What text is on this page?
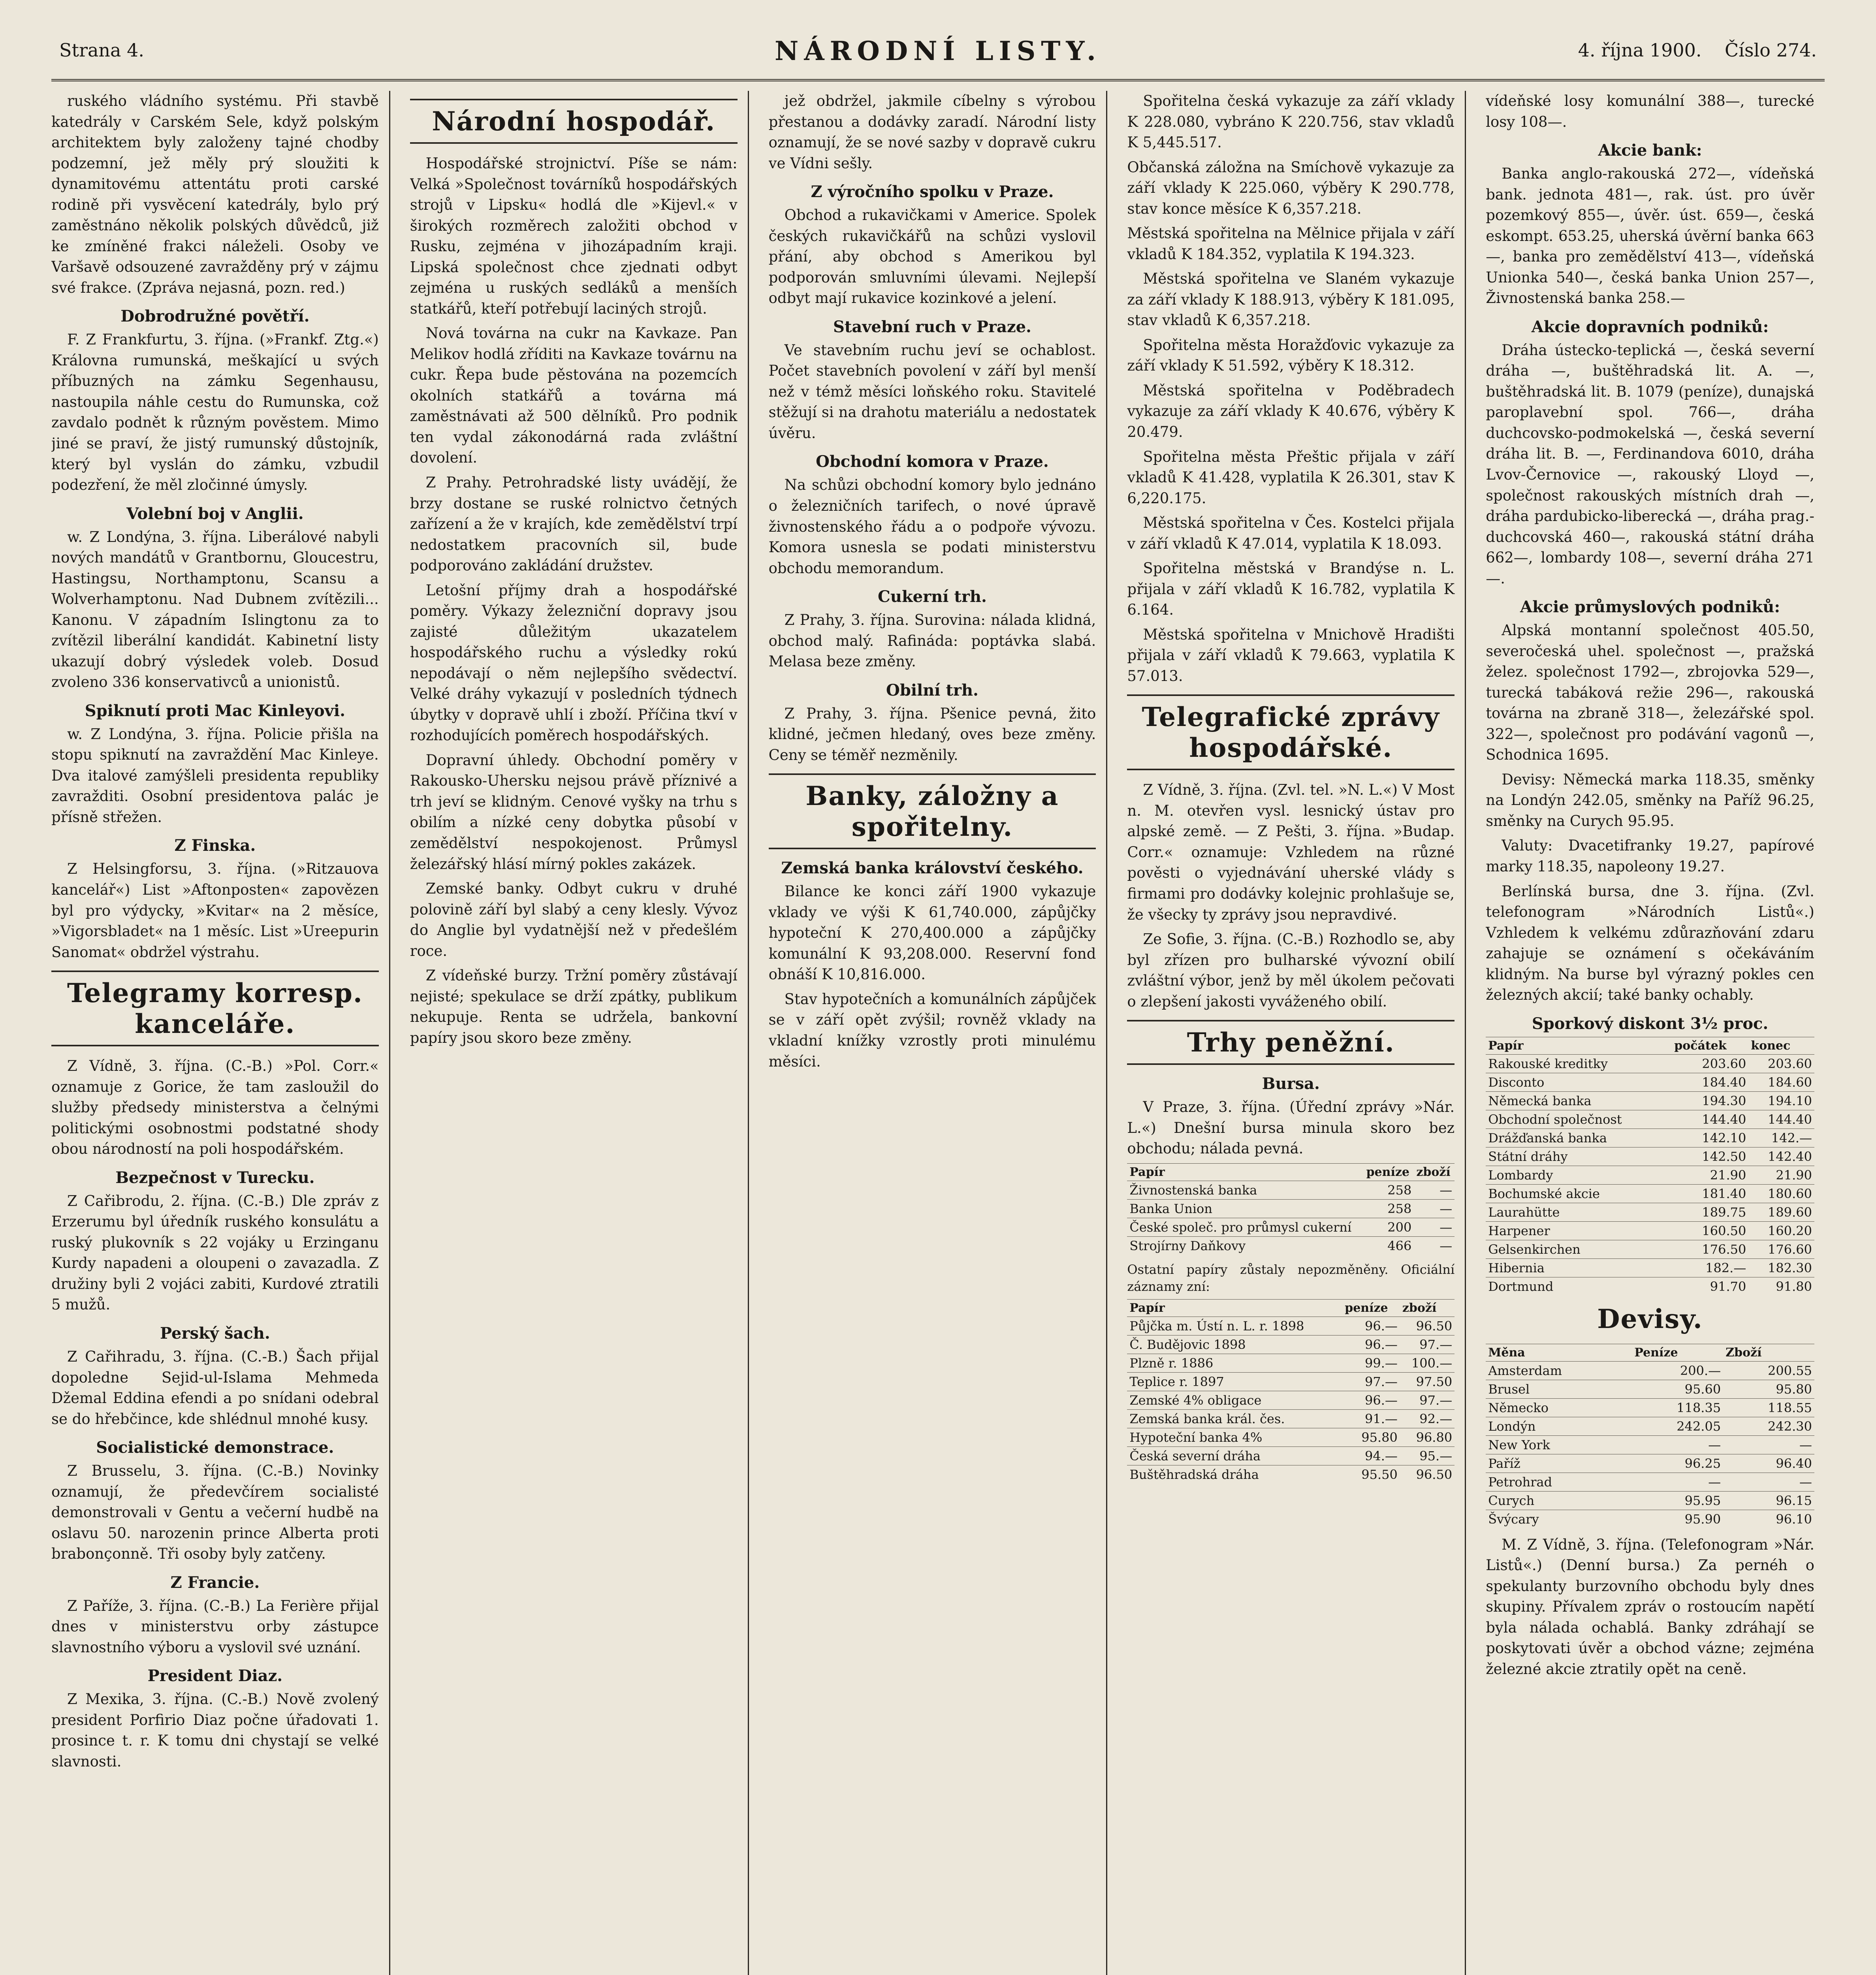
Strana 4.	NÁRODNÍ LISTY.	4. října 1900. Číslo 274.

ruského vládního systému. Při stavbě katedrály v Carském Sele, když polským architektem byly založeny tajné chodby podzemní, jež měly prý sloužiti k dynamitovému attentátu proti carské rodině při vysvěcení katedrály, bylo prý zaměstnáno několik polských důvědců, již ke zmíněné frakci náleželi. Osoby ve Varšavě odsouzené zavražděny prý v zájmu své frakce. (Zpráva nejasná, pozn. red.)

Dobrodružné povětří.

F. Z Frankfurtu, 3. října. (»Frankf. Ztg.«) Královna rumunská, meškající u svých příbuzných na zámku Segenhausu, nastoupila náhle cestu do Rumunska, což zavdalo podnět k různým pověstem. Mimo jiné se praví, že jistý rumunský důstojník, který byl vyslán do zámku, vzbudil podezření, že měl zločinné úmysly.

Volební boj v Anglii.

w. Z Londýna, 3. října. Liberálové nabyli nových mandátů v Grantbornu, Gloucestru, Hastingsu, Northamptonu, Scansu a Wolverhamptonu. Nad Dubnem zvítězili... Kanonu. V západním Islingtonu za to zvítězil liberální kandidát. Kabinetní listy ukazují dobrý výsledek voleb. Dosud zvoleno 336 konservativců a unionistů.

Spiknutí proti Mac Kinleyovi.

w. Z Londýna, 3. října. Policie přišla na stopu spiknutí na zavraždění Mac Kinleye. Dva italové zamýšleli presidenta republiky zavražditi. Osobní presidentova palác je přísně střežen.

Z Finska.

Z Helsingforsu, 3. října. (»Ritzauova kancelář«) List »Aftonposten« zapovězen byl pro výdycky, »Kvitar« na 2 měsíce, »Vigorsbladet« na 1 měsíc. List »Ureepurin Sanomat« obdržel výstrahu.

Telegramy korresp. kanceláře.

Z Vídně, 3. října. (C.-B.) »Pol. Corr.« oznamuje z Gorice, že tam zasloužil do služby předsedy ministerstva a čelnými politickými osobnostmi podstatné shody obou národností na poli hospodářském.

Bezpečnost v Turecku.

Z Cařibrodu, 2. října. (C.-B.) Dle zpráv z Erzerumu byl úředník ruského konsulátu a ruský plukovník s 22 vojáky u Erzinganu Kurdy napadeni a oloupeni o zavazadla. Z družiny byli 2 vojáci zabiti, Kurdové ztratili 5 mužů.

Perský šach.

Z Cařihradu, 3. října. (C.-B.) Šach přijal dopoledne Sejid-ul-Islama Mehmeda Džemal Eddina efendi a po snídani odebral se do hřebčince, kde shlédnul mnohé kusy.

Socialistické demonstrace.

Z Brusselu, 3. října. (C.-B.) Novinky oznamují, že předevčírem socialisté demonstrovali v Gentu a večerní hudbě na oslavu 50. narozenin prince Alberta proti brabonçonně. Tři osoby byly zatčeny.

Z Francie.

Z Paříže, 3. října. (C.-B.) La Ferière přijal dnes v ministerstvu orby zástupce slavnostního výboru a vyslovil své uznání.

President Diaz.

Z Mexika, 3. října. (C.-B.) Nově zvolený president Porfirio Diaz počne úřadovati 1. prosince t. r. K tomu dni chystají se velké slavnosti.

Národní hospodář.

Hospodářské strojnictví. Píše se nám: Velká »Společnost továrníků hospodářských strojů v Lipsku« hodlá dle »Kijevl.« v širokých rozměrech založiti obchod v Rusku, zejména v jihozápadním kraji. Lipská společnost chce zjednati odbyt zejména u ruských sedláků a menších statkářů, kteří potřebují laciných strojů.

Nová továrna na cukr na Kavkaze. Pan Melikov hodlá zříditi na Kavkaze továrnu na cukr. Řepa bude pěstována na pozemcích okolních statkářů a továrna má zaměstnávati až 500 dělníků. Pro podnik ten vydal zákonodárná rada zvláštní dovolení.

Z Prahy. Petrohradské listy uvádějí, že brzy dostane se ruské rolnictvo četných zařízení a že v krajích, kde zemědělství trpí nedostatkem pracovních sil, bude podporováno zakládání družstev.

Letošní příjmy drah a hospodářské poměry. Výkazy železniční dopravy jsou zajisté důležitým ukazatelem hospodářského ruchu a výsledky rokú nepodávají o něm nejlepšího svědectví. Velké dráhy vykazují v posledních týdnech úbytky v dopravě uhlí i zboží. Příčina tkví v rozhodujících poměrech hospodářských.

Dopravní úhledy. Obchodní poměry v Rakousko-Uhersku nejsou právě příznivé a trh jeví se klidným. Cenové vyšky na trhu s obilím a nízké ceny dobytka působí v zemědělství nespokojenost. Průmysl železářský hlásí mírný pokles zakázek.

Zemské banky. Odbyt cukru v druhé polovině září byl slabý a ceny klesly. Vývoz do Anglie byl vydatnější než v předešlém roce.

Z vídeňské burzy. Tržní poměry zůstávají nejisté; spekulace se drží zpátky, publikum nekupuje. Renta se udržela, bankovní papíry jsou skoro beze změny.

jež obdržel, jakmile cíbelny s výrobou přestanou a dodávky zaradí. Národní listy oznamují, že se nové sazby v dopravě cukru ve Vídni sešly.

Z výročního spolku v Praze.

Obchod a rukavičkami v Americe. Spolek českých rukavičkářů na schůzi vyslovil přání, aby obchod s Amerikou byl podporován smluvními úlevami. Nejlepší odbyt mají rukavice kozinkové a jelení.

Stavební ruch v Praze.

Ve stavebním ruchu jeví se ochablost. Počet stavebních povolení v září byl menší než v témž měsíci loňského roku. Stavitelé stěžují si na drahotu materiálu a nedostatek úvěru.

Obchodní komora v Praze.

Na schůzi obchodní komory bylo jednáno o železničních tarifech, o nové úpravě živnostenského řádu a o podpoře vývozu. Komora usnesla se podati ministerstvu obchodu memorandum.

Cukerní trh.

Z Prahy, 3. října. Surovina: nálada klidná, obchod malý. Rafináda: poptávka slabá. Melasa beze změny.

Obilní trh.

Z Prahy, 3. října. Pšenice pevná, žito klidné, ječmen hledaný, oves beze změny. Ceny se téměř nezměnily.

Banky, záložny a spořitelny.
Zemská banka království českého.

Bilance ke konci září 1900 vykazuje vklady ve výši K 61,740.000, zápůjčky hypoteční K 270,400.000 a zápůjčky komunální K 93,208.000. Reservní fond obnáší K 10,816.000.

Stav hypotečních a komunálních zápůjček se v září opět zvýšil; rovněž vklady na vkladní knížky vzrostly proti minulému měsíci.

Spořitelna česká vykazuje za září vklady K 228.080, vybráno K 220.756, stav vkladů K 5,445.517.

Občanská záložna na Smíchově vykazuje za září vklady K 225.060, výběry K 290.778, stav konce měsíce K 6,357.218.

Městská spořitelna na Mělnice přijala v září vkladů K 184.352, vyplatila K 194.323.

Městská spořitelna ve Slaném vykazuje za září vklady K 188.913, výběry K 181.095, stav vkladů K 6,357.218.

Spořitelna města Horažďovic vykazuje za září vklady K 51.592, výběry K 18.312.

Městská spořitelna v Poděbradech vykazuje za září vklady K 40.676, výběry K 20.479.

Spořitelna města Přeštic přijala v září vkladů K 41.428, vyplatila K 26.301, stav K 6,220.175.

Městská spořitelna v Čes. Kostelci přijala v září vkladů K 47.014, vyplatila K 18.093.

Spořitelna městská v Brandýse n. L. přijala v září vkladů K 16.782, vyplatila K 6.164.

Městská spořitelna v Mnichově Hradišti přijala v září vkladů K 79.663, vyplatila K 57.013.

Telegrafické zprávy hospodářské.

Z Vídně, 3. října. (Zvl. tel. »N. L.«) V Most n. M. otevřen vysl. lesnický ústav pro alpské země. — Z Pešti, 3. října. »Budap. Corr.« oznamuje: Vzhledem na různé pověsti o vyjednávání uherské vlády s firmami pro dodávky kolejnic prohlašuje se, že všecky ty zprávy jsou nepravdivé.

Ze Sofie, 3. října. (C.-B.) Rozhodlo se, aby byl zřízen pro bulharské vývozní obilí zvláštní výbor, jenž by měl úkolem pečovati o zlepšení jakosti vyváženého obilí.

Trhy peněžní.
Bursa.

V Praze, 3. října. (Úřední zprávy »Nár. L.«) Dnešní bursa minula skoro bez obchodu; nálada pevná.

Papír	peníze	zboží
Živnostenská banka	258	—
Banka Union	258	—
České společ. pro průmysl cukerní	200	—
Strojírny Daňkovy	466	—

Ostatní papíry zůstaly nepozměněny. Oficiální záznamy zní:

Papír	peníze	zboží
Půjčka m. Ústí n. L. r. 1898	96.—	96.50
Č. Budějovic 1898	96.—	97.—
Plzně r. 1886	99.—	100.—
Teplice r. 1897	97.—	97.50
Zemské 4% obligace	96.—	97.—
Zemská banka král. čes.	91.—	92.—
Hypoteční banka 4%	95.80	96.80
Česká severní dráha	94.—	95.—
Buštěhradská dráha	95.50	96.50

vídeňské losy komunální 388—, turecké losy 108—.

Akcie bank:

Banka anglo-rakouská 272—, vídeňská bank. jednota 481—, rak. úst. pro úvěr pozemkový 855—, úvěr. úst. 659—, česká eskompt. 653.25, uherská úvěrní banka 663—, banka pro zemědělství 413—, vídeňská Unionka 540—, česká banka Union 257—, Živnostenská banka 258.—

Akcie dopravních podniků:

Dráha ústecko-teplická —, česká severní dráha —, buštěhradská lit. A. —, buštěhradská lit. B. 1079 (peníze), dunajská paroplavební spol. 766—, dráha duchcovsko-podmokelská —, česká severní dráha lit. B. —, Ferdinandova 6010, dráha Lvov-Černovice —, rakouský Lloyd —, společnost rakouských místních drah —, dráha pardubicko-liberecká —, dráha prag.-duchcovská 460—, rakouská státní dráha 662—, lombardy 108—, severní dráha 271—.

Akcie průmyslových podniků:

Alpská montanní společnost 405.50, severočeská uhel. společnost —, pražská želez. společnost 1792—, zbrojovka 529—, turecká tabáková režie 296—, rakouská továrna na zbraně 318—, železářské spol. 322—, společnost pro podávání vagonů —, Schodnica 1695.

Devisy: Německá marka 118.35, směnky na Londýn 242.05, směnky na Paříž 96.25, směnky na Curych 95.95.

Valuty: Dvacetifranky 19.27, papírové marky 118.35, napoleony 19.27.

Berlínská bursa, dne 3. října. (Zvl. telefonogram »Národních Listů«.) Vzhledem k velkému zdůrazňování zdaru zahajuje se oznámení s očekáváním klidným. Na burse byl výrazný pokles cen železných akcií; také banky ochably.

Sporkový diskont 3½ proc.
Papír	počátek	konec
Rakouské kreditky	203.60	203.60
Disconto	184.40	184.60
Německá banka	194.30	194.10
Obchodní společnost	144.40	144.40
Drážďanská banka	142.10	142.—
Státní dráhy	142.50	142.40
Lombardy	21.90	21.90
Bochumské akcie	181.40	180.60
Laurahütte	189.75	189.60
Harpener	160.50	160.20
Gelsenkirchen	176.50	176.60
Hibernia	182.—	182.30
Dortmund	91.70	91.80
Devisy.
Měna	Peníze	Zboží
Amsterdam	200.—	200.55
Brusel	95.60	95.80
Německo	118.35	118.55
Londýn	242.05	242.30
New York	—	—
Paříž	96.25	96.40
Petrohrad	—	—
Curych	95.95	96.15
Švýcary	95.90	96.10

M. Z Vídně, 3. října. (Telefonogram »Nár. Listů«.) (Denní bursa.) Za pernéh o spekulanty burzovního obchodu byly dnes skupiny. Přívalem zpráv o rostoucím napětí byla nálada ochablá. Banky zdráhají se poskytovati úvěr a obchod vázne; zejména železné akcie ztratily opět na ceně.
